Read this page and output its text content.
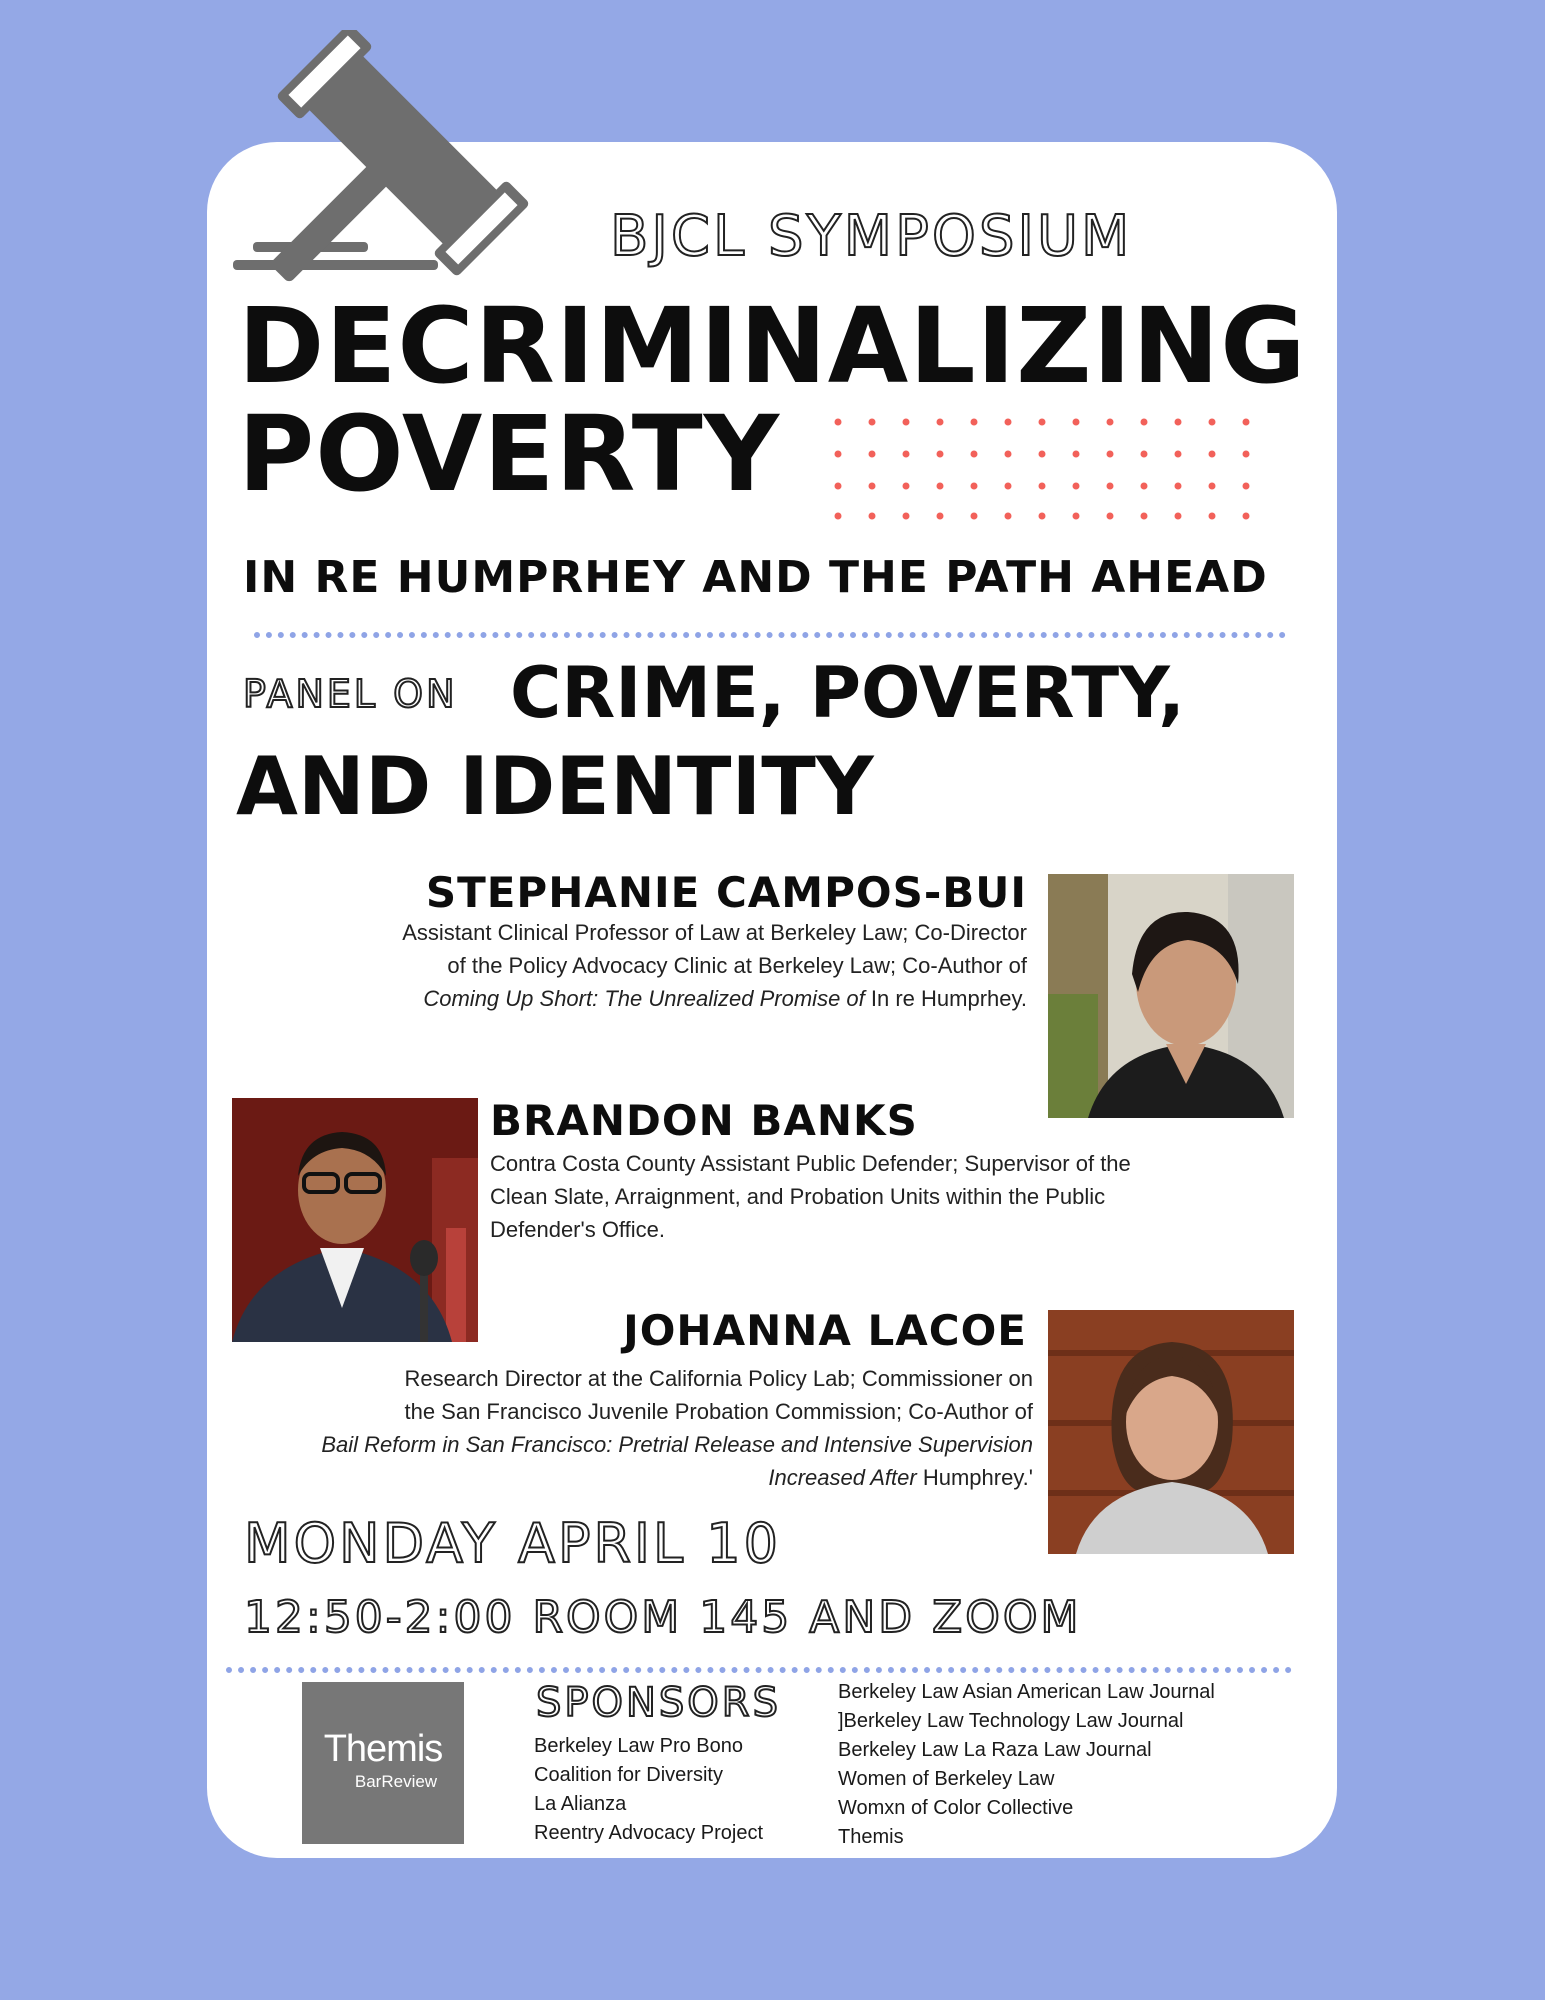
BJCL SYMPOSIUM
DECRIMINALIZING
POVERTY
IN RE HUMPRHEY AND THE PATH AHEAD
PANEL ON CRIME, POVERTY,
AND IDENTITY
STEPHANIE CAMPOS-BUI
Assistant Clinical Professor of Law at Berkeley Law; Co-Director
of the Policy Advocacy Clinic at Berkeley Law; Co-Author of
Coming Up Short: The Unrealized Promise of In re Humprhey.
BRANDON BANKS
Contra Costa County Assistant Public Defender; Supervisor of the
Clean Slate, Arraignment, and Probation Units within the Public
Defender's Office.
JOHANNA LACOE
Research Director at the California Policy Lab; Commissioner on
the San Francisco Juvenile Probation Commission; Co-Author of
Bail Reform in San Francisco: Pretrial Release and Intensive Supervision
Increased After Humphrey.'
MONDAY APRIL 10
12:50-2:00 ROOM 145 AND ZOOM
Themis
BarReview
SPONSORS
Berkeley Law Pro Bono
Coalition for Diversity
La Alianza
Reentry Advocacy Project
Berkeley Law Asian American Law Journal
]Berkeley Law Technology Law Journal
Berkeley Law La Raza Law Journal
Women of Berkeley Law
Womxn of Color Collective
Themis
